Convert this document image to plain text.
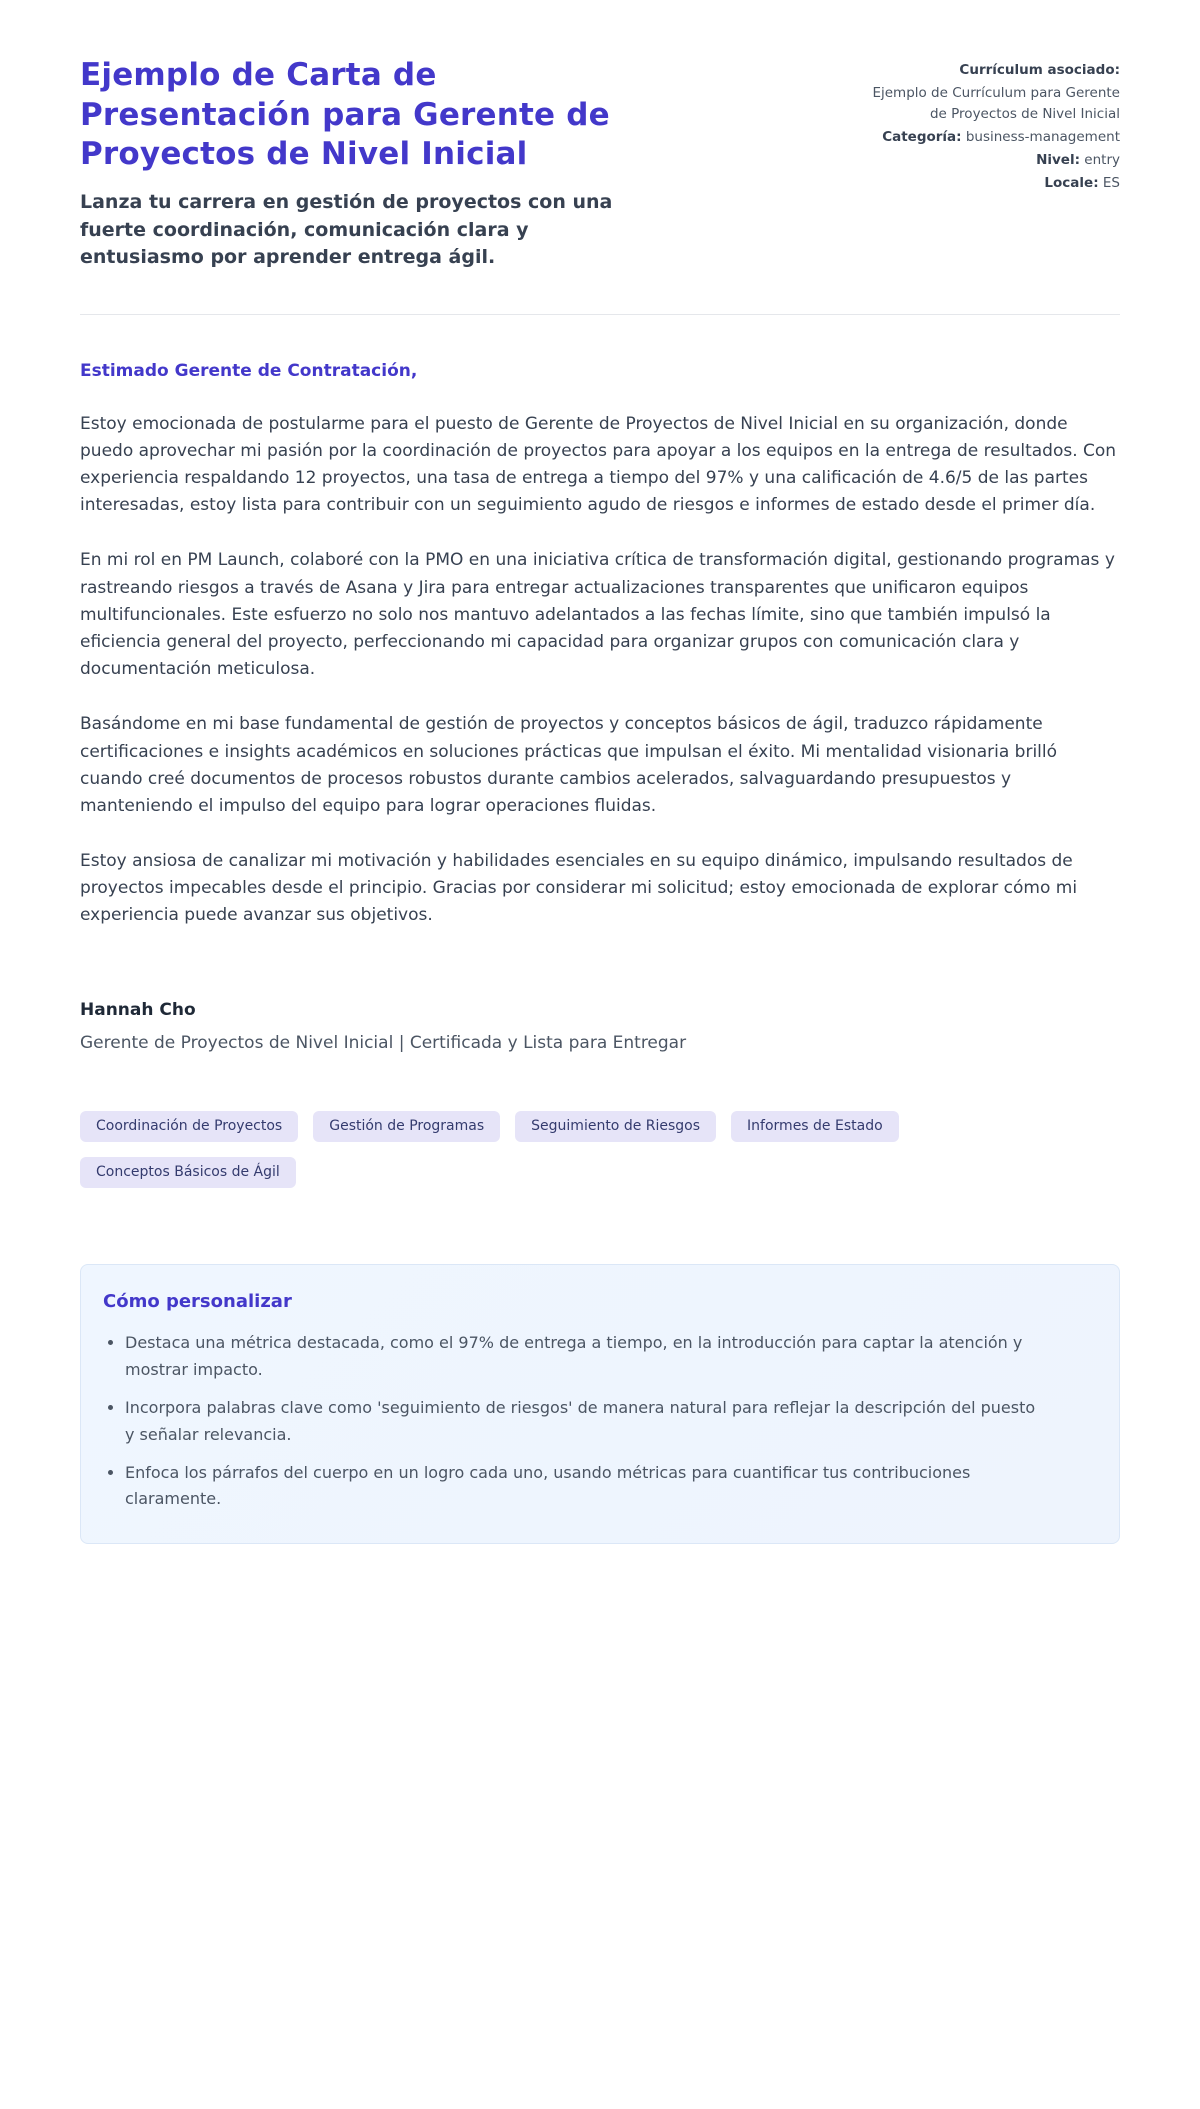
Ejemplo de Carta de Presentación para Gerente de Proyectos de Nivel Inicial
Lanza tu carrera en gestión de proyectos con una fuerte coordinación, comunicación clara y entusiasmo por aprender entrega ágil.
Currículum asociado:
Ejemplo de Currículum para Gerente de Proyectos de Nivel Inicial
Categoría: business-management
Nivel: entry
Locale: ES
Estimado Gerente de Contratación,

Estoy emocionada de postularme para el puesto de Gerente de Proyectos de Nivel Inicial en su organización, donde puedo aprovechar mi pasión por la coordinación de proyectos para apoyar a los equipos en la entrega de resultados. Con experiencia respaldando 12 proyectos, una tasa de entrega a tiempo del 97% y una calificación de 4.6/5 de las partes interesadas, estoy lista para contribuir con un seguimiento agudo de riesgos e informes de estado desde el primer día.

En mi rol en PM Launch, colaboré con la PMO en una iniciativa crítica de transformación digital, gestionando programas y rastreando riesgos a través de Asana y Jira para entregar actualizaciones transparentes que unificaron equipos multifuncionales. Este esfuerzo no solo nos mantuvo adelantados a las fechas límite, sino que también impulsó la eficiencia general del proyecto, perfeccionando mi capacidad para organizar grupos con comunicación clara y documentación meticulosa.

Basándome en mi base fundamental de gestión de proyectos y conceptos básicos de ágil, traduzco rápidamente certificaciones e insights académicos en soluciones prácticas que impulsan el éxito. Mi mentalidad visionaria brilló cuando creé documentos de procesos robustos durante cambios acelerados, salvaguardando presupuestos y manteniendo el impulso del equipo para lograr operaciones fluidas.

Estoy ansiosa de canalizar mi motivación y habilidades esenciales en su equipo dinámico, impulsando resultados de proyectos impecables desde el principio. Gracias por considerar mi solicitud; estoy emocionada de explorar cómo mi experiencia puede avanzar sus objetivos.

Hannah Cho
Gerente de Proyectos de Nivel Inicial | Certificada y Lista para Entregar
Coordinación de Proyectos	Gestión de Programas	Seguimiento de Riesgos	Informes de Estado
Conceptos Básicos de Ágil
Cómo personalizar
• Destaca una métrica destacada, como el 97% de entrega a tiempo, en la introducción para captar la atención y mostrar impacto.
• Incorpora palabras clave como 'seguimiento de riesgos' de manera natural para reflejar la descripción del puesto y señalar relevancia.
• Enfoca los párrafos del cuerpo en un logro cada uno, usando métricas para cuantificar tus contribuciones claramente.
